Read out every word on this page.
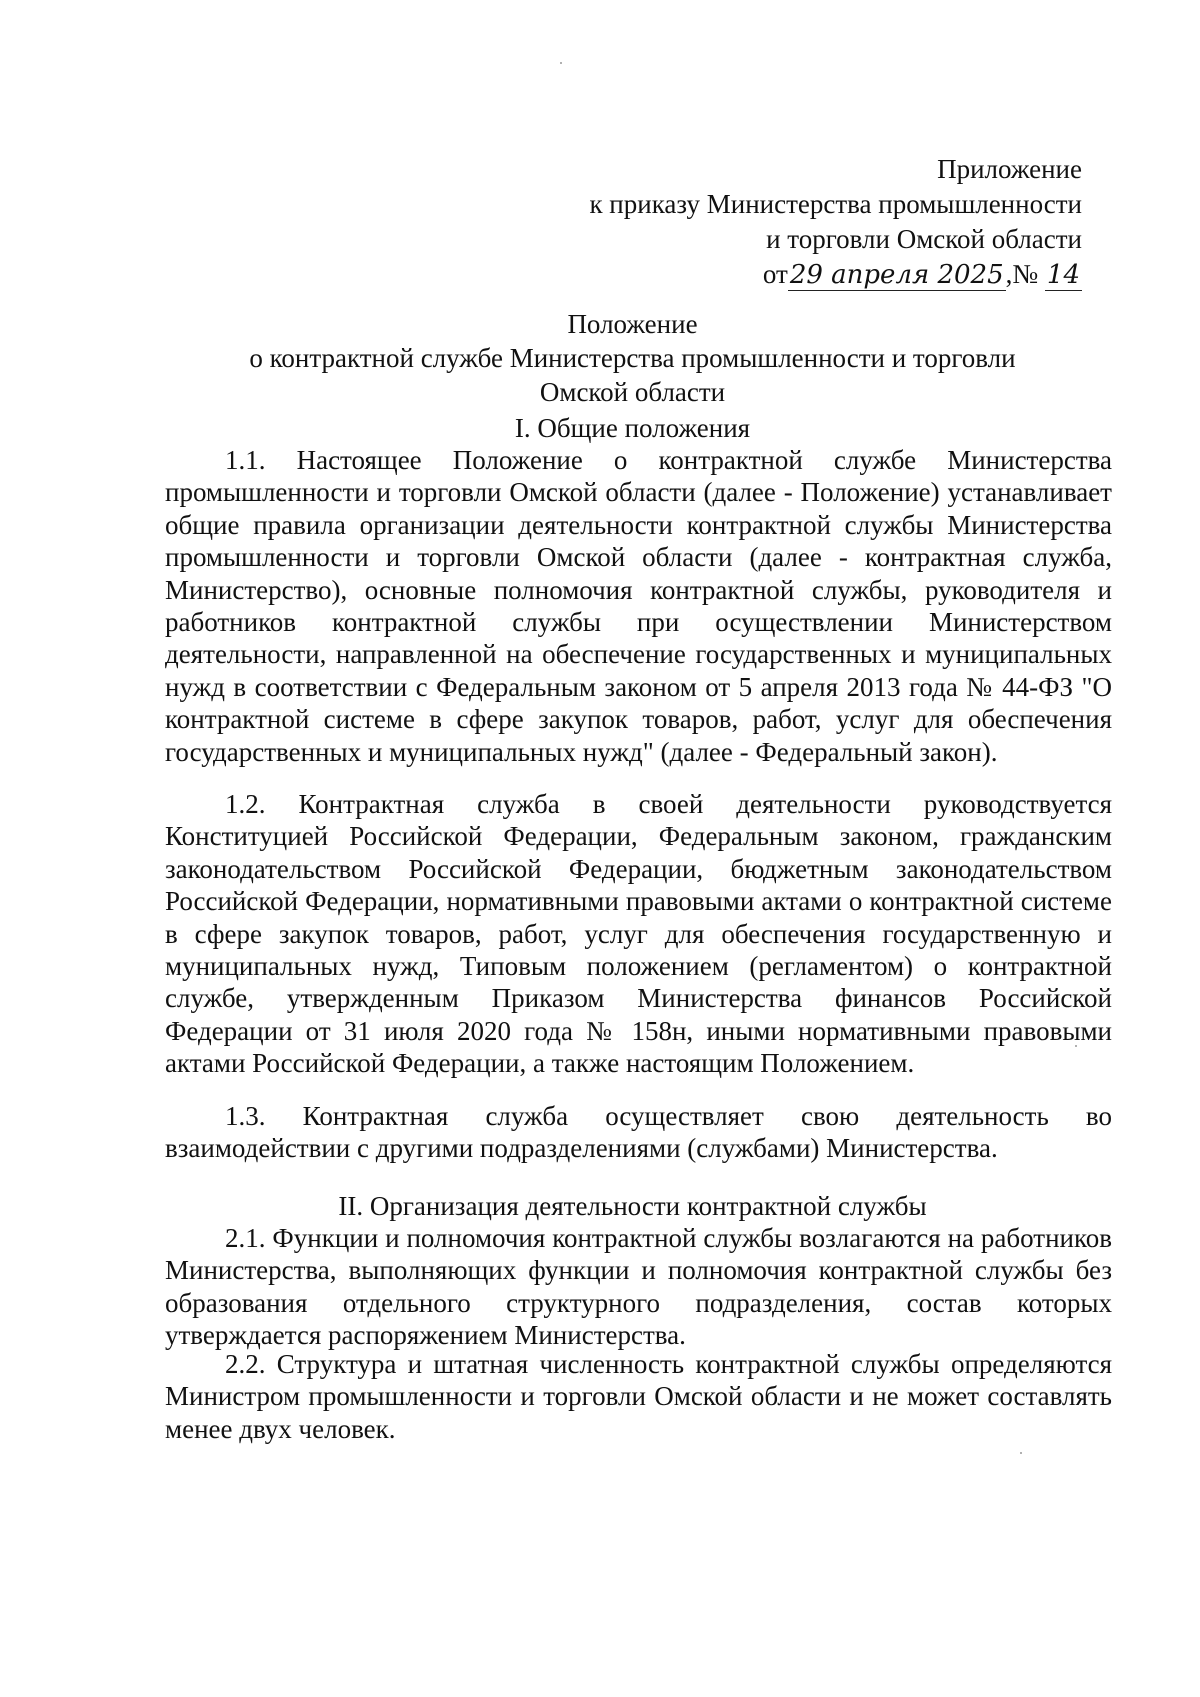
Приложение
к приказу Министерства промышленности
и торговли Омской области
от29 апреля 2025,№ 14
Положение
о контрактной службе Министерства промышленности и торговли
Омской области
I. Общие положения

1.1. Настоящее Положение о контрактной службе Министерства промышленности и торговли Омской области (далее - Положение) устанавливает общие правила организации деятельности контрактной службы Министерства промышленности и торговли Омской области (далее - контрактная служба, Министерство), основные полномочия контрактной службы, руководителя и работников контрактной службы при осуществлении Министерством деятельности, направленной на обеспечение государственных и муниципальных нужд в соответствии с Федеральным законом от 5 апреля 2013 года № 44-ФЗ "О контрактной системе в сфере закупок товаров, работ, услуг для обеспечения государственных и муниципальных нужд" (далее - Федеральный закон).

1.2. Контрактная служба в своей деятельности руководствуется Конституцией Российской Федерации, Федеральным законом, гражданским законодательством Российской Федерации, бюджетным законодательством Российской Федерации, нормативными правовыми актами о контрактной системе в сфере закупок товаров, работ, услуг для обеспечения государственную и муниципальных нужд, Типовым положением (регламентом) о контрактной службе, утвержденным Приказом Министерства финансов Российской Федерации от 31 июля 2020 года № 158н, иными нормативными правовыми актами Российской Федерации, а также настоящим Положением.

1.3. Контрактная служба осуществляет свою деятельность во взаимодействии с другими подразделениями (службами) Министерства.

II. Организация деятельности контрактной службы

2.1. Функции и полномочия контрактной службы возлагаются на работников Министерства, выполняющих функции и полномочия контрактной службы без образования отдельного структурного подразделения, состав которых утверждается распоряжением Министерства.

2.2. Структура и штатная численность контрактной службы определяются Министром промышленности и торговли Омской области и не может составлять менее двух человек.
